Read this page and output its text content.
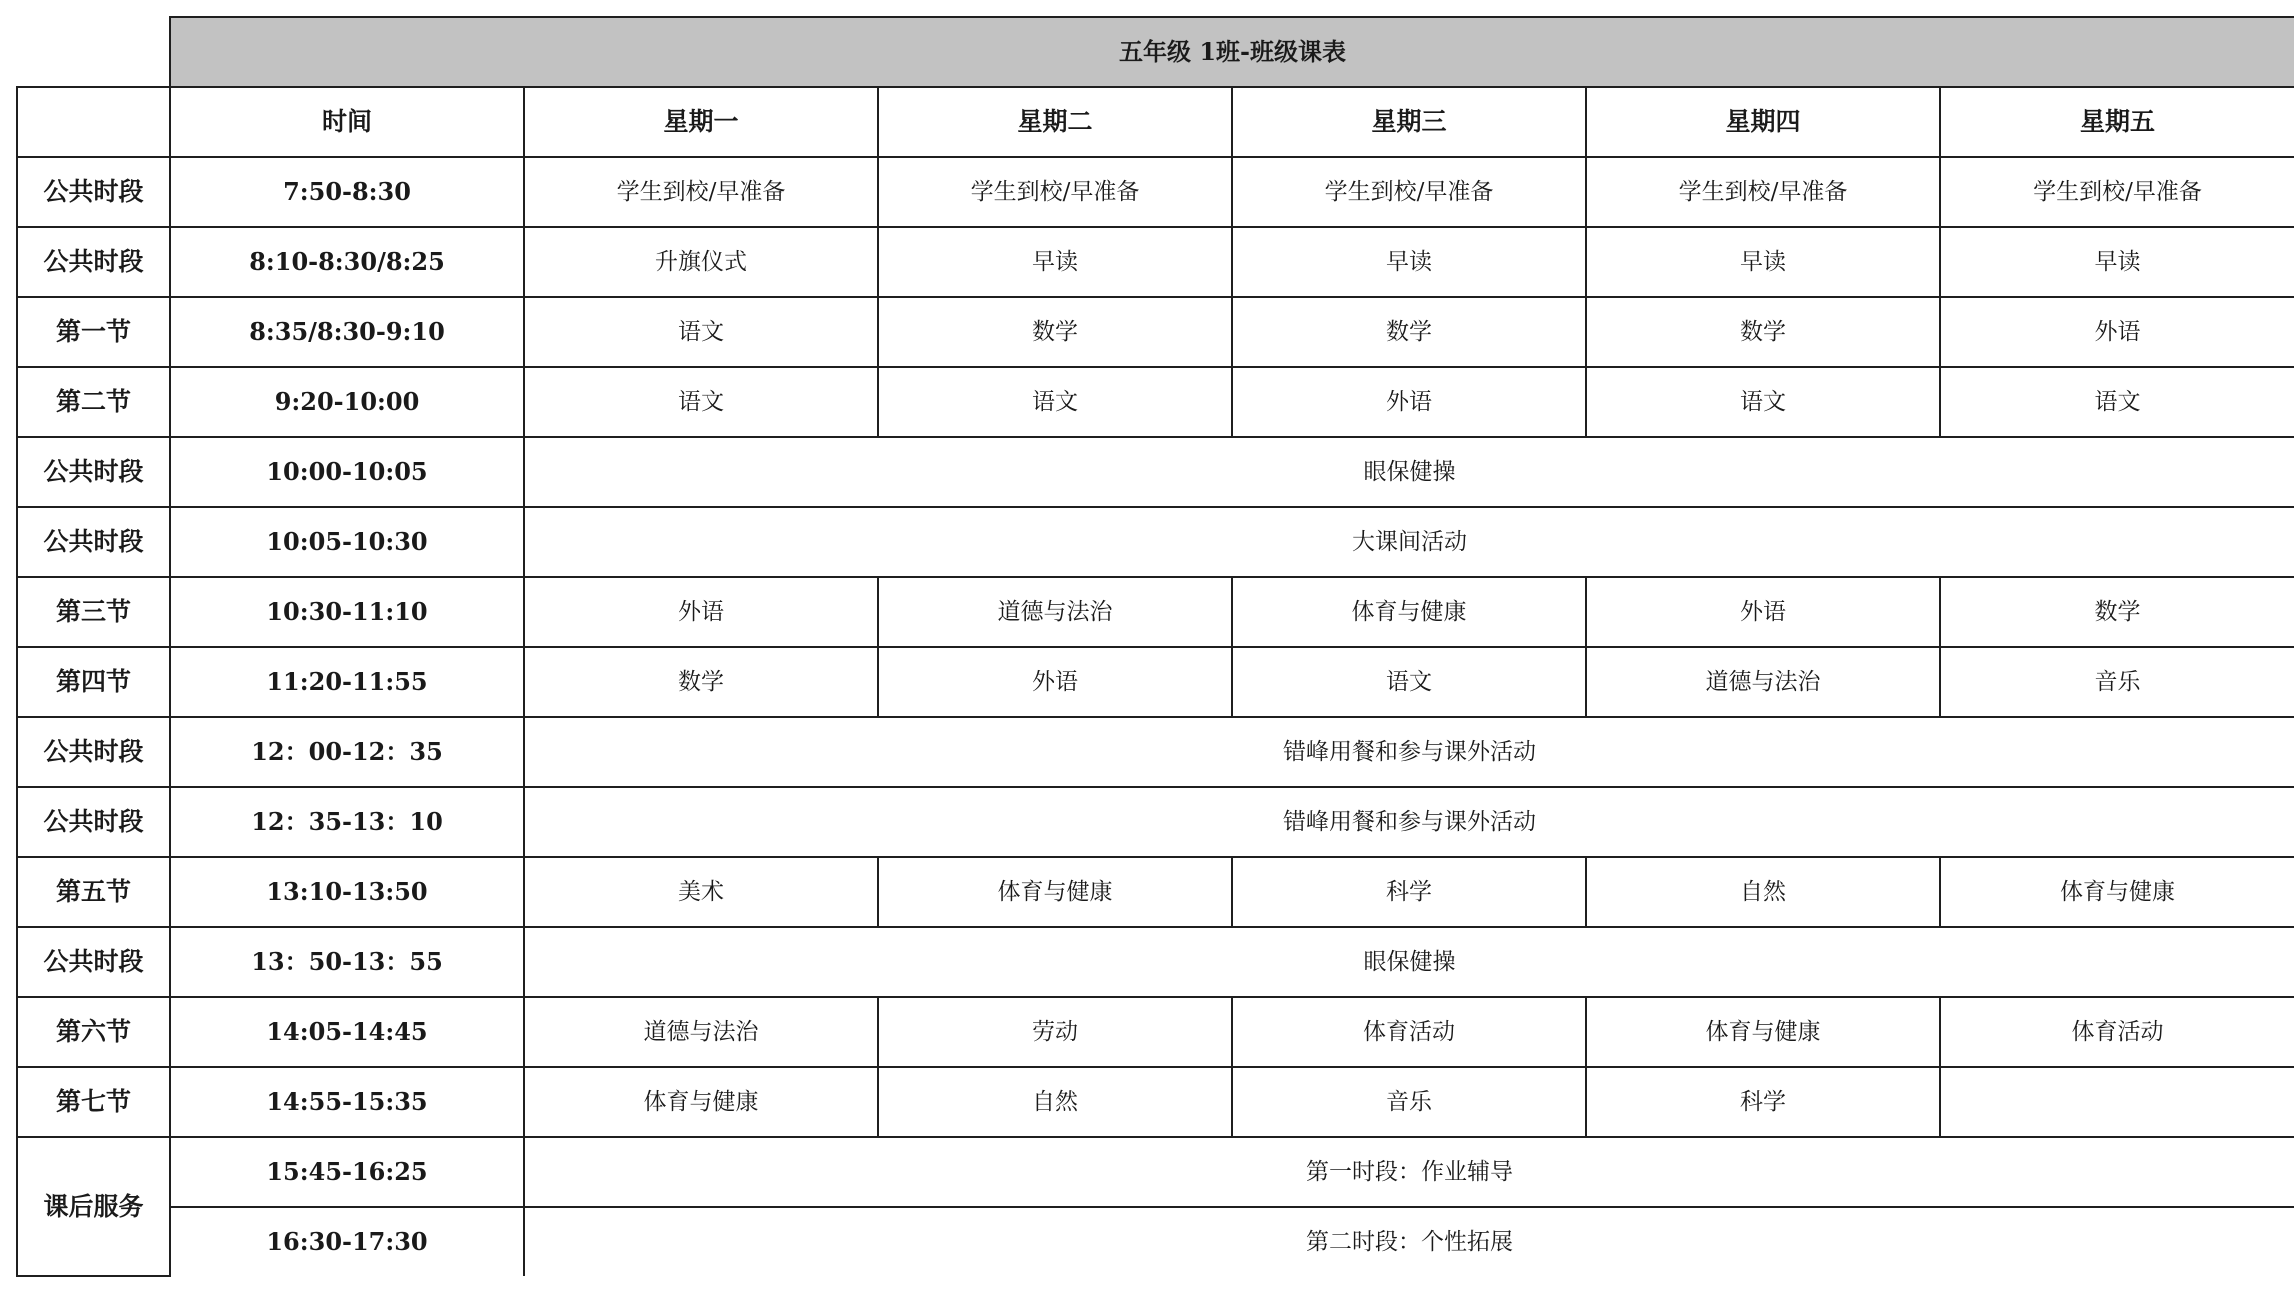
	五年级 1班-班级课表					
	时间	星期一	星期二	星期三	星期四	星期五
公共时段	7:50-8:30	学生到校/早准备	学生到校/早准备	学生到校/早准备	学生到校/早准备	学生到校/早准备
公共时段	8:10-8:30/8:25	升旗仪式	早读	早读	早读	早读
第一节	8:35/8:30-9:10	语文	数学	数学	数学	外语
第二节	9:20-10:00	语文	语文	外语	语文	语文
公共时段	10:00-10:05	眼保健操				
公共时段	10:05-10:30	大课间活动				
第三节	10:30-11:10	外语	道德与法治	体育与健康	外语	数学
第四节	11:20-11:55	数学	外语	语文	道德与法治	音乐
公共时段	12：00-12：35	错峰用餐和参与课外活动				
公共时段	12：35-13：10	错峰用餐和参与课外活动				
第五节	13:10-13:50	美术	体育与健康	科学	自然	体育与健康
公共时段	13：50-13：55	眼保健操				
第六节	14:05-14:45	道德与法治	劳动	体育活动	体育与健康	体育活动
第七节	14:55-15:35	体育与健康	自然	音乐	科学	
课后服务	15:45-16:25	第一时段：作业辅导				
	16:30-17:30	第二时段：个性拓展				
